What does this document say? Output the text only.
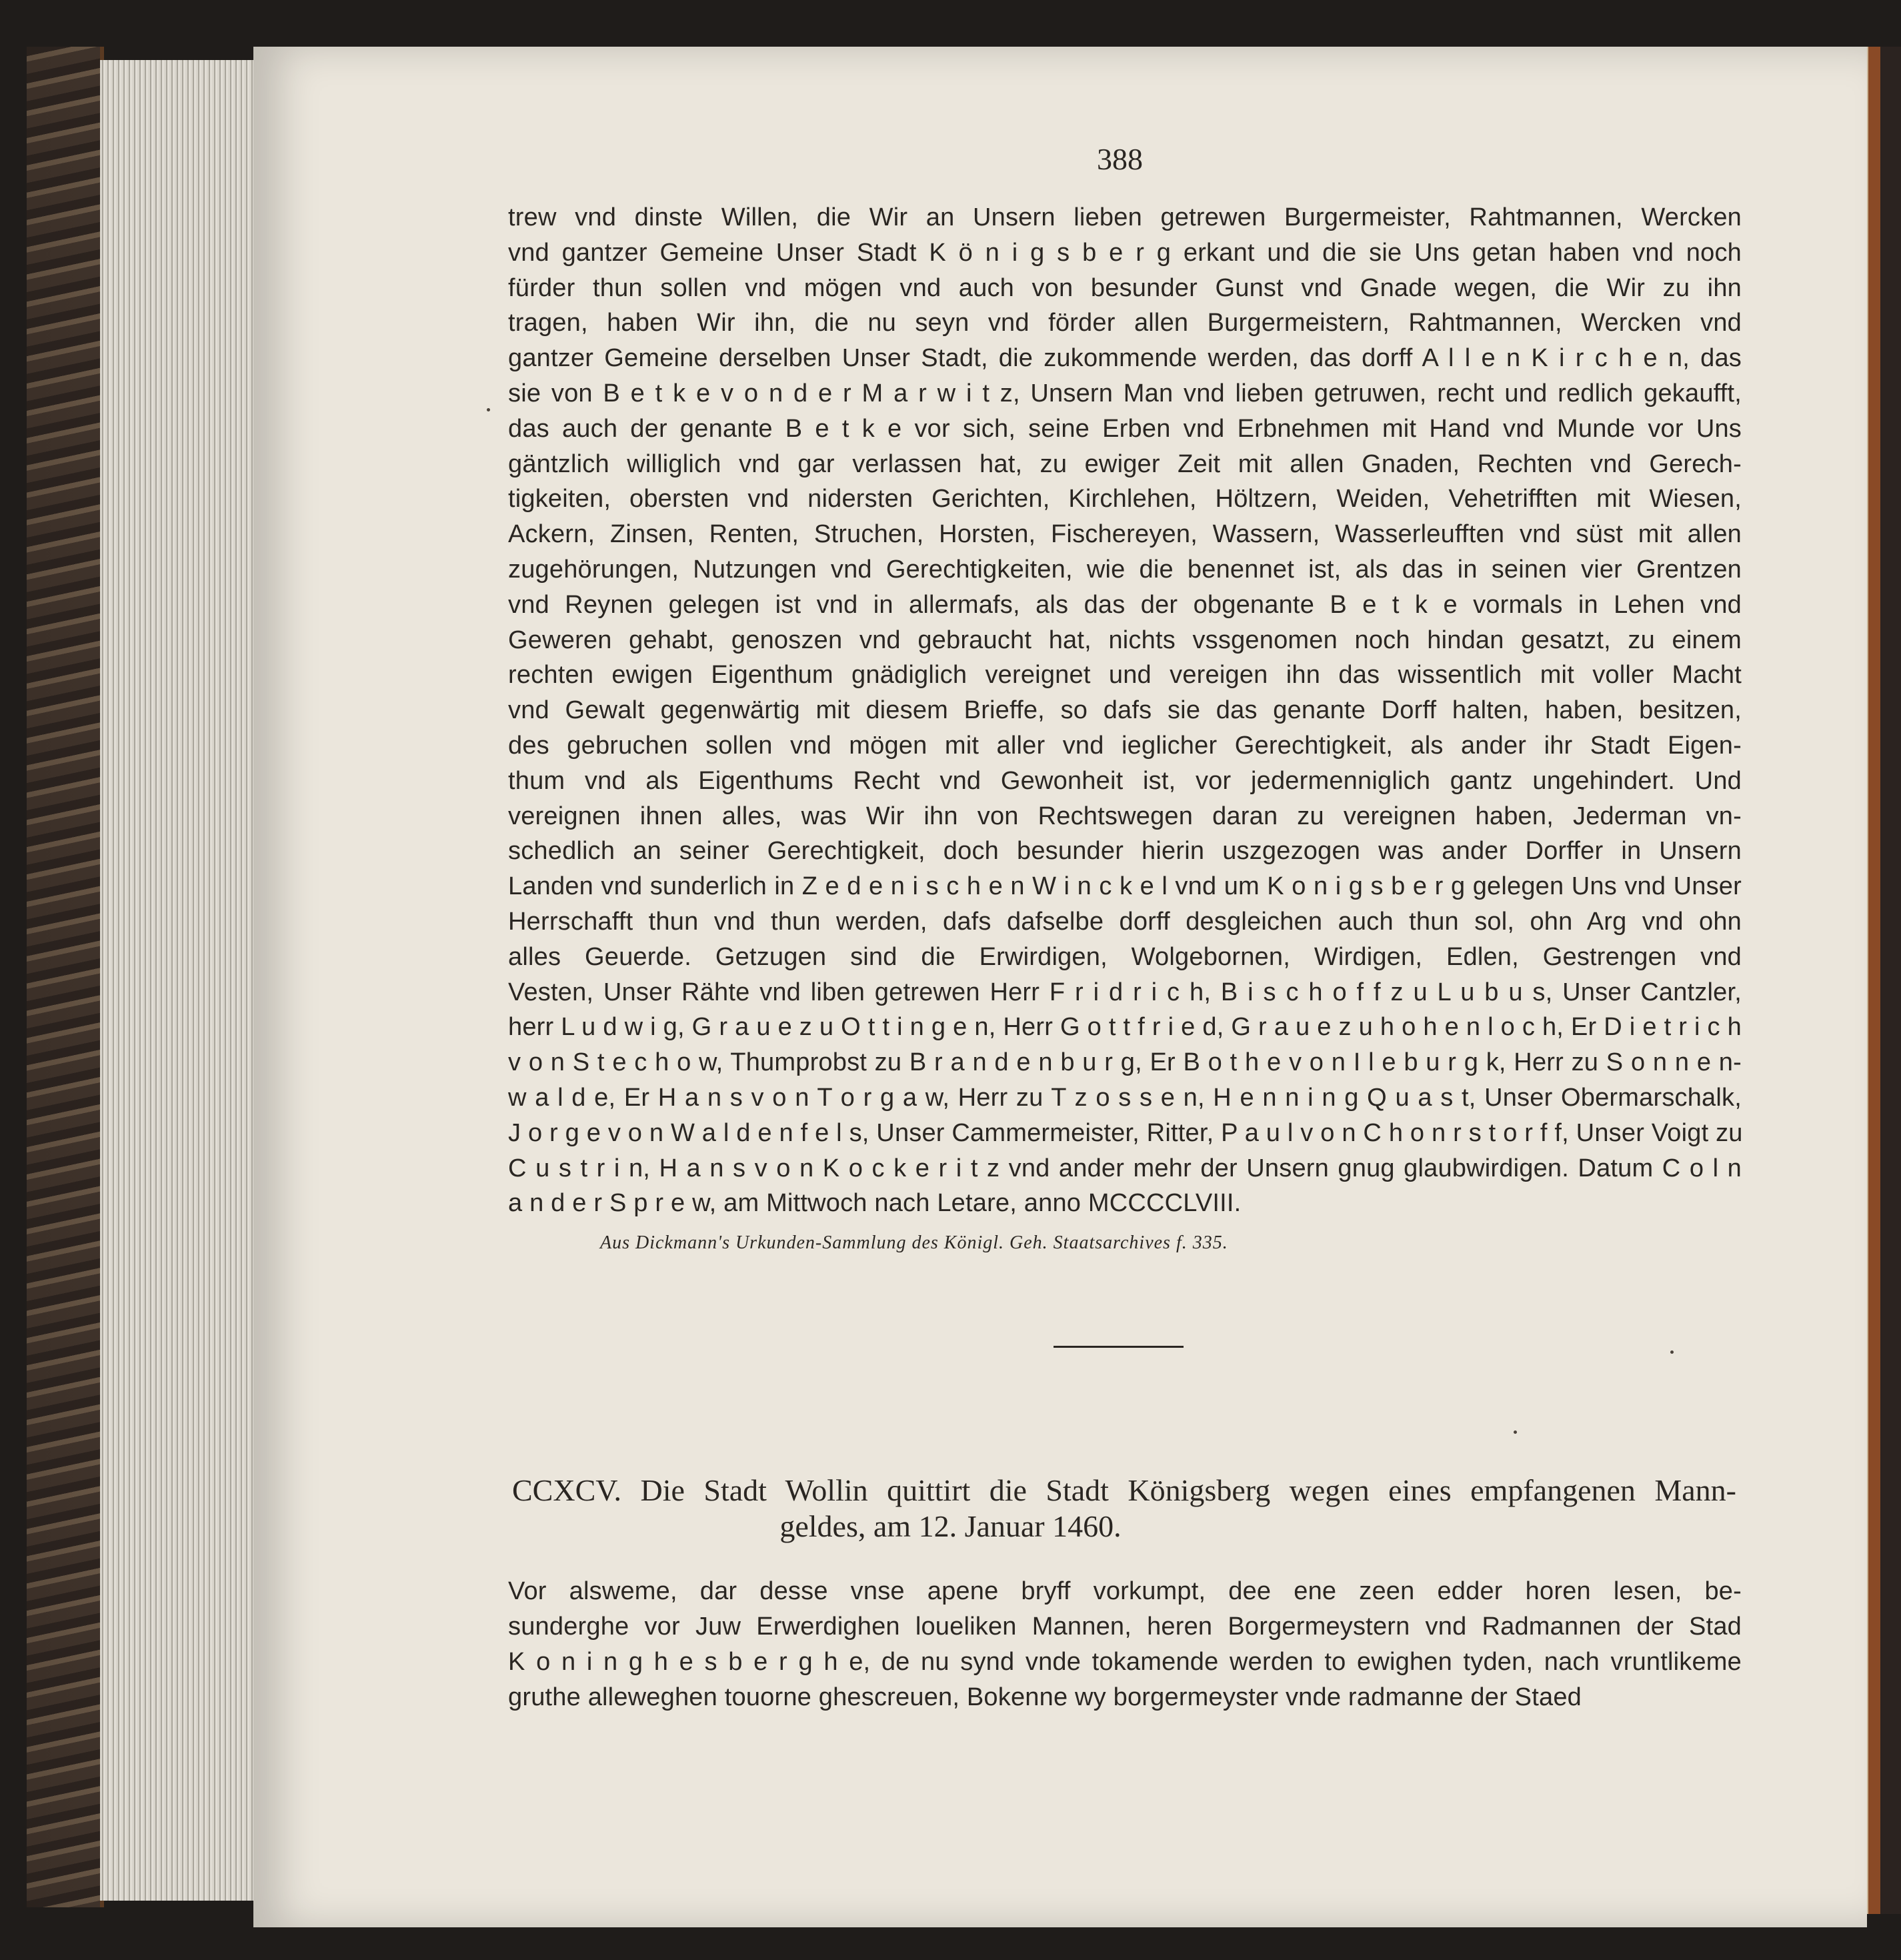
388
trew vnd dinste Willen, die Wir an Unsern lieben getrewen Burgermeister, Rahtmannen, Wercken
vnd gantzer Gemeine Unser Stadt K ö n i g s b e r g erkant und die sie Uns getan haben vnd noch
fürder thun sollen vnd mögen vnd auch von besunder Gunst vnd Gnade wegen, die Wir zu ihn
tragen, haben Wir ihn, die nu seyn vnd förder allen Burgermeistern, Rahtmannen, Wercken vnd
gantzer Gemeine derselben Unser Stadt, die zukommende werden, das dorff A l l e n K i r c h e n, das
sie von B e t k e v o n d e r M a r w i t z, Unsern Man vnd lieben getruwen, recht und redlich gekaufft,
das auch der genante B e t k e vor sich, seine Erben vnd Erbnehmen mit Hand vnd Munde vor Uns
gäntzlich williglich vnd gar verlassen hat, zu ewiger Zeit mit allen Gnaden, Rechten vnd Gerech-
tigkeiten, obersten vnd nidersten Gerichten, Kirchlehen, Höltzern, Weiden, Vehetrifften mit Wiesen,
Ackern, Zinsen, Renten, Struchen, Horsten, Fischereyen, Wassern, Wasserleufften vnd süst mit allen
zugehörungen, Nutzungen vnd Gerechtigkeiten, wie die benennet ist, als das in seinen vier Grentzen
vnd Reynen gelegen ist vnd in allermafs, als das der obgenante B e t k e vormals in Lehen vnd
Geweren gehabt, genoszen vnd gebraucht hat, nichts vssgenomen noch hindan gesatzt, zu einem
rechten ewigen Eigenthum gnädiglich vereignet und vereigen ihn das wissentlich mit voller Macht
vnd Gewalt gegenwärtig mit diesem Brieffe, so dafs sie das genante Dorff halten, haben, besitzen,
des gebruchen sollen vnd mögen mit aller vnd ieglicher Gerechtigkeit, als ander ihr Stadt Eigen-
thum vnd als Eigenthums Recht vnd Gewonheit ist, vor jedermenniglich gantz ungehindert. Und
vereignen ihnen alles, was Wir ihn von Rechtswegen daran zu vereignen haben, Jederman vn-
schedlich an seiner Gerechtigkeit, doch besunder hierin uszgezogen was ander Dorffer in Unsern
Landen vnd sunderlich in Z e d e n i s c h e n W i n c k e l vnd um K o n i g s b e r g gelegen Uns vnd Unser
Herrschafft thun vnd thun werden, dafs dafselbe dorff desgleichen auch thun sol, ohn Arg vnd ohn
alles Geuerde. Getzugen sind die Erwirdigen, Wolgebornen, Wirdigen, Edlen, Gestrengen vnd
Vesten, Unser Rähte vnd liben getrewen Herr F r i d r i c h, B i s c h o f f z u L u b u s, Unser Cantzler,
herr L u d w i g, G r a u e z u O t t i n g e n, Herr G o t t f r i e d, G r a u e z u h o h e n l o c h, Er D i e t r i c h
v o n S t e c h o w, Thumprobst zu B r a n d e n b u r g, Er B o t h e v o n I l e b u r g k, Herr zu S o n n e n-
w a l d e, Er H a n s v o n T o r g a w, Herr zu T z o s s e n, H e n n i n g Q u a s t, Unser Obermarschalk,
J o r g e v o n W a l d e n f e l s, Unser Cammermeister, Ritter, P a u l v o n C h o n r s t o r f f, Unser Voigt zu
C u s t r i n, H a n s v o n K o c k e r i t z vnd ander mehr der Unsern gnug glaubwirdigen. Datum C o l n
a n d e r S p r e w, am Mittwoch nach Letare, anno MCCCCLVIII.
Aus Dickmann's Urkunden-Sammlung des Königl. Geh. Staatsarchives f. 335.
CCXCV. Die Stadt Wollin quittirt die Stadt Königsberg wegen eines empfangenen Mann-
geldes, am 12. Januar 1460.
Vor alsweme, dar desse vnse apene bryff vorkumpt, dee ene zeen edder horen lesen, be-
sunderghe vor Juw Erwerdighen loueliken Mannen, heren Borgermeystern vnd Radmannen der Stad
K o n i n g h e s b e r g h e, de nu synd vnde tokamende werden to ewighen tyden, nach vruntlikeme
gruthe alleweghen touorne ghescreuen, Bokenne wy borgermeyster vnde radmanne der Staed
